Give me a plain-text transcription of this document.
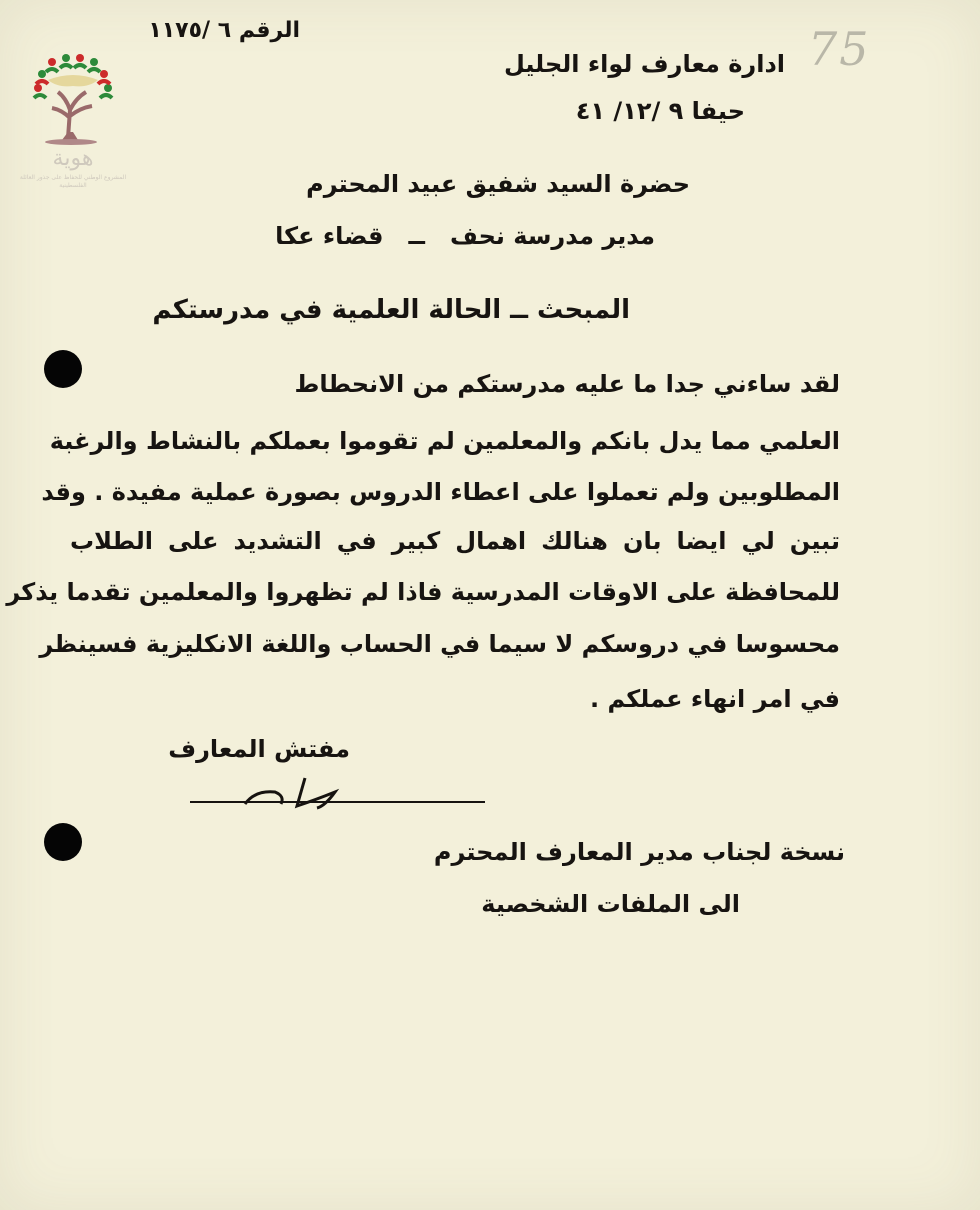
75
هوية
المشروع الوطني للحفاظ على جذور العائلة الفلسطينية
الرقم ٦ /١١٧٥
ادارة معارف لواء الجليل
حيفا ٩ /١٢/ ٤١
حضرة السيد شفيق عبيد المحترم
مدير مدرسة نحف   ــ   قضاء عكا
المبحث ــ الحالة العلمية في مدرستكم
لقد ساءني جدا ما عليه مدرستكم من الانحطاط
العلمي مما يدل بانكم والمعلمين لم تقوموا بعملكم بالنشاط والرغبة
المطلوبين ولم تعملوا على اعطاء الدروس بصورة عملية مفيدة . وقد
تبين لي ايضا بان هنالك اهمال كبير في التشديد على الطلاب
للمحافظة على الاوقات المدرسية فاذا لم تظهروا والمعلمين تقدما يذكر
محسوسا في دروسكم لا سيما في الحساب واللغة الانكليزية فسينظر
في امر انهاء عملكم .
مفتش المعارف
نسخة لجناب مدير المعارف المحترم
الى الملفات الشخصية
